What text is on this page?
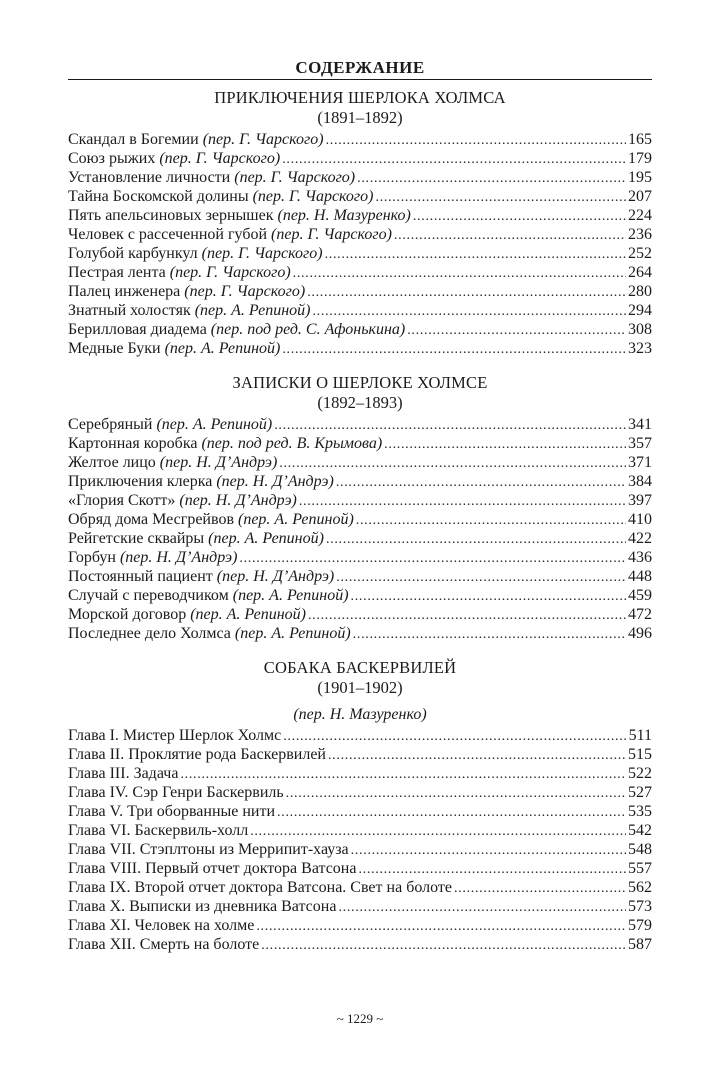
СОДЕРЖАНИЕ
ПРИКЛЮЧЕНИЯ ШЕРЛОКА ХОЛМСА
(1891–1892)
Скандал в Богемии (пер. Г. Чарского) . . .	165
Союз рыжих (пер. Г. Чарского) . . .	179
Установление личности (пер. Г. Чарского) . . .	195
Тайна Боскомской долины (пер. Г. Чарского) . . .	207
Пять апельсиновых зернышек (пер. Н. Мазуренко) . . .	224
Человек с рассеченной губой (пер. Г. Чарского) . . .	236
Голубой карбункул (пер. Г. Чарского) . . .	252
Пестрая лента (пер. Г. Чарского) . . .	264
Палец инженера (пер. Г. Чарского) . . .	280
Знатный холостяк (пер. А. Репиной) . . .	294
Берилловая диадема (пер. под ред. С. Афонькина) . . .	308
Медные Буки (пер. А. Репиной) . . .	323
ЗАПИСКИ О ШЕРЛОКЕ ХОЛМСЕ
(1892–1893)
Серебряный (пер. А. Репиной) . . .	341
Картонная коробка (пер. под ред. В. Крымова) . . .	357
Желтое лицо (пер. Н. Д’Андрэ) . . .	371
Приключения клерка (пер. Н. Д’Андрэ) . . .	384
«Глория Скотт» (пер. Н. Д’Андрэ) . . .	397
Обряд дома Месгрейвов (пер. А. Репиной) . . .	410
Рейгетские сквайры (пер. А. Репиной) . . .	422
Горбун (пер. Н. Д’Андрэ) . . .	436
Постоянный пациент (пер. Н. Д’Андрэ) . . .	448
Случай с переводчиком (пер. А. Репиной) . . .	459
Морской договор (пер. А. Репиной) . . .	472
Последнее дело Холмса (пер. А. Репиной) . . .	496
СОБАКА БАСКЕРВИЛЕЙ
(1901–1902)
(пер. Н. Мазуренко)
Глава I. Мистер Шерлок Холмс . . .	511
Глава II. Проклятие рода Баскервилей . . .	515
Глава III. Задача . . .	522
Глава IV. Сэр Генри Баскервиль . . .	527
Глава V. Три оборванные нити . . .	535
Глава VI. Баскервиль-холл . . .	542
Глава VII. Стэплтоны из Меррипит-хауза . . .	548
Глава VIII. Первый отчет доктора Ватсона . . .	557
Глава IX. Второй отчет доктора Ватсона. Свет на болоте . . .	562
Глава X. Выписки из дневника Ватсона . . .	573
Глава XI. Человек на холме . . .	579
Глава XII. Смерть на болоте . . .	587
~ 1229 ~
